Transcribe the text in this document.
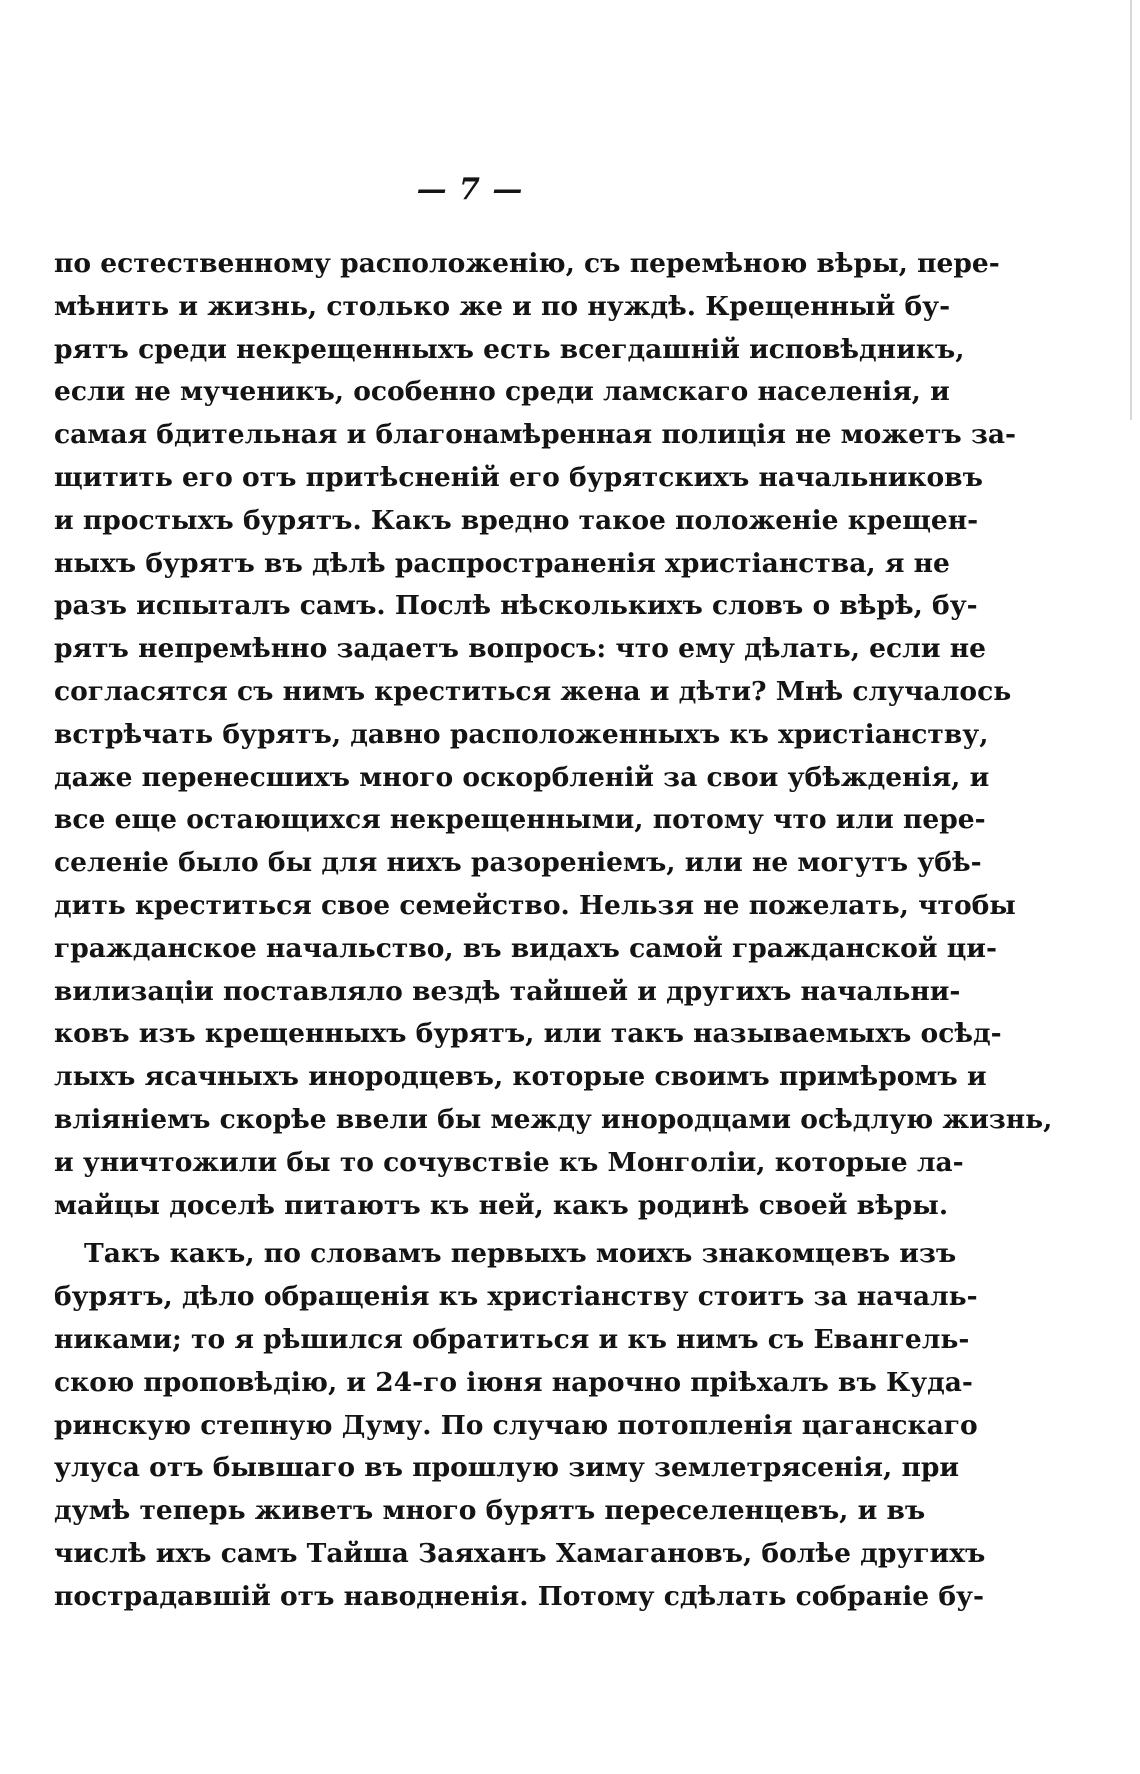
— 7 —
по естественному расположенію, съ перемѣною вѣры, пере-
мѣнить и жизнь, столько же и по нуждѣ. Крещенный бу-
рятъ среди некрещенныхъ есть всегдашній исповѣдникъ,
если не мученикъ, особенно среди ламскаго населенія, и
самая бдительная и благонамѣренная полиція не можетъ за-
щитить его отъ притѣсненій его бурятскихъ начальниковъ
и простыхъ бурятъ. Какъ вредно такое положеніе крещен-
ныхъ бурятъ въ дѣлѣ распространенія христіанства, я не
разъ испыталъ самъ. Послѣ нѣсколькихъ словъ о вѣрѣ, бу-
рятъ непремѣнно задаетъ вопросъ: что ему дѣлать, если не
согласятся съ нимъ креститься жена и дѣти? Мнѣ случалось
встрѣчать бурятъ, давно расположенныхъ къ христіанству,
даже перенесшихъ много оскорбленій за свои убѣжденія, и
все еще остающихся некрещенными, потому что или пере-
селеніе было бы для нихъ разореніемъ, или не могутъ убѣ-
дить креститься свое семейство. Нельзя не пожелать, чтобы
гражданское начальство, въ видахъ самой гражданской ци-
вилизаціи поставляло вездѣ тайшей и другихъ начальни-
ковъ изъ крещенныхъ бурятъ, или такъ называемыхъ осѣд-
лыхъ ясачныхъ инородцевъ, которые своимъ примѣромъ и
вліяніемъ скорѣе ввели бы между инородцами осѣдлую жизнь,
и уничтожили бы то сочувствіе къ Монголіи, которые ла-
майцы доселѣ питаютъ къ ней, какъ родинѣ своей вѣры.
Такъ какъ, по словамъ первыхъ моихъ знакомцевъ изъ
бурятъ, дѣло обращенія къ христіанству стоитъ за началь-
никами; то я рѣшился обратиться и къ нимъ съ Евангель-
скою проповѣдію, и 24-го іюня нарочно пріѣхалъ въ Куда-
ринскую степную Думу. По случаю потопленія цаганскаго
улуса отъ бывшаго въ прошлую зиму землетрясенія, при
думѣ теперь живетъ много бурятъ переселенцевъ, и въ
числѣ ихъ самъ Тайша Заяханъ Хамагановъ, болѣе другихъ
пострадавшій отъ наводненія. Потому сдѣлать собраніе бу-
